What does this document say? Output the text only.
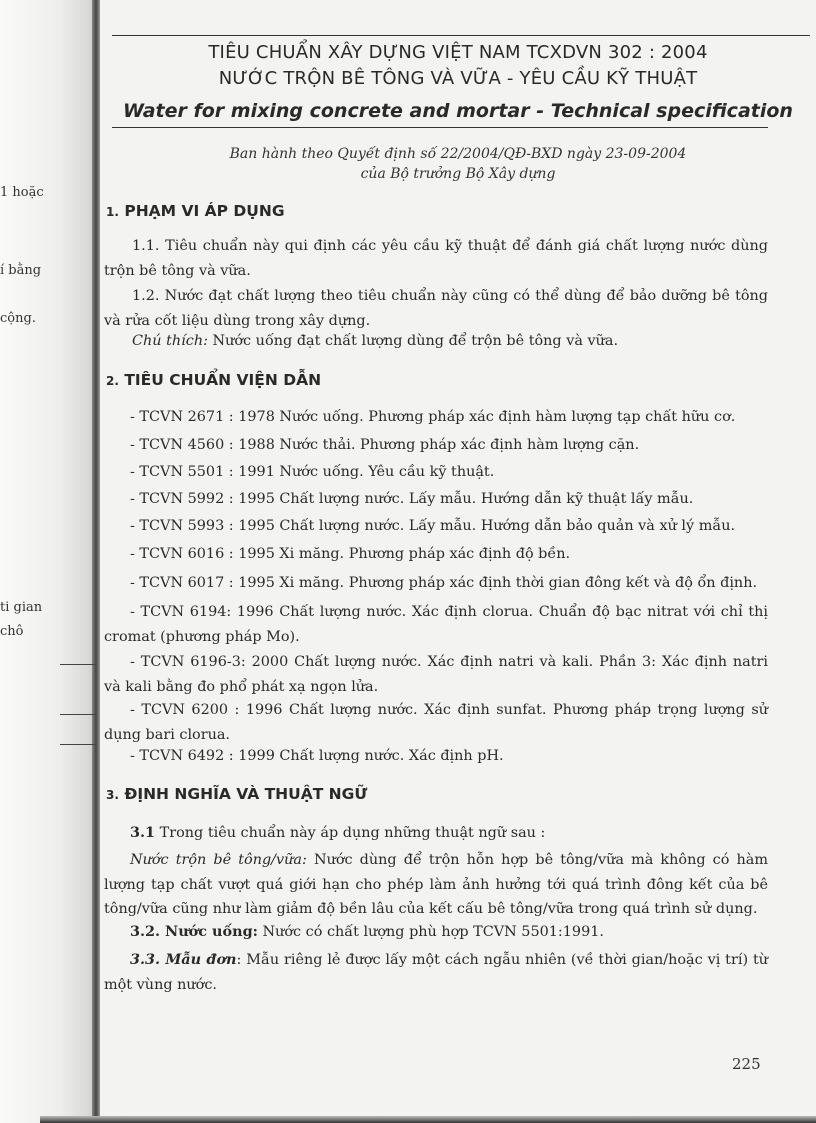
1 hoặc
í bằng
cộng.
ti gian
chô
TIÊU CHUẨN XÂY DỰNG VIỆT NAM TCXDVN 302 : 2004
NƯỚC TRỘN BÊ TÔNG VÀ VỮA - YÊU CẦU KỸ THUẬT
Water for mixing concrete and mortar - Technical specification
Ban hành theo Quyết định số 22/2004/QĐ-BXD ngày 23-09-2004
của Bộ trưởng Bộ Xây dựng
1. PHẠM VI ÁP DỤNG

1.1. Tiêu chuẩn này qui định các yêu cầu kỹ thuật để đánh giá chất lượng nước dùng trộn bê tông và vữa.

1.2. Nước đạt chất lượng theo tiêu chuẩn này cũng có thể dùng để bảo dưỡng bê tông và rửa cốt liệu dùng trong xây dựng.

Chú thích: Nước uống đạt chất lượng dùng để trộn bê tông và vữa.
2. TIÊU CHUẨN VIỆN DẪN
- TCVN 2671 : 1978 Nước uống. Phương pháp xác định hàm lượng tạp chất hữu cơ.
- TCVN 4560 : 1988 Nước thải. Phương pháp xác định hàm lượng cặn.
- TCVN 5501 : 1991 Nước uống. Yêu cầu kỹ thuật.
- TCVN 5992 : 1995 Chất lượng nước. Lấy mẫu. Hướng dẫn kỹ thuật lấy mẫu.
- TCVN 5993 : 1995 Chất lượng nước. Lấy mẫu. Hướng dẫn bảo quản và xử lý mẫu.
- TCVN 6016 : 1995 Xi măng. Phương pháp xác định độ bền.
- TCVN 6017 : 1995 Xi măng. Phương pháp xác định thời gian đông kết và độ ổn định.

- TCVN 6194: 1996 Chất lượng nước. Xác định clorua. Chuẩn độ bạc nitrat với chỉ thị cromat (phương pháp Mo).

- TCVN 6196-3: 2000 Chất lượng nước. Xác định natri và kali. Phần 3: Xác định natri và kali bằng đo phổ phát xạ ngọn lửa.

- TCVN 6200 : 1996 Chất lượng nước. Xác định sunfat. Phương pháp trọng lượng sử dụng bari clorua.

- TCVN 6492 : 1999 Chất lượng nước. Xác định pH.
3. ĐỊNH NGHĨA VÀ THUẬT NGỮ
3.1 Trong tiêu chuẩn này áp dụng những thuật ngữ sau :

Nước trộn bê tông/vữa: Nước dùng để trộn hỗn hợp bê tông/vữa mà không có hàm lượng tạp chất vượt quá giới hạn cho phép làm ảnh hưởng tới quá trình đông kết của bê tông/vữa cũng như làm giảm độ bền lâu của kết cấu bê tông/vữa trong quá trình sử dụng.

3.2. Nước uống: Nước có chất lượng phù hợp TCVN 5501:1991.

3.3. Mẫu đơn: Mẫu riêng lẻ được lấy một cách ngẫu nhiên (về thời gian/hoặc vị trí) từ một vùng nước.

225
